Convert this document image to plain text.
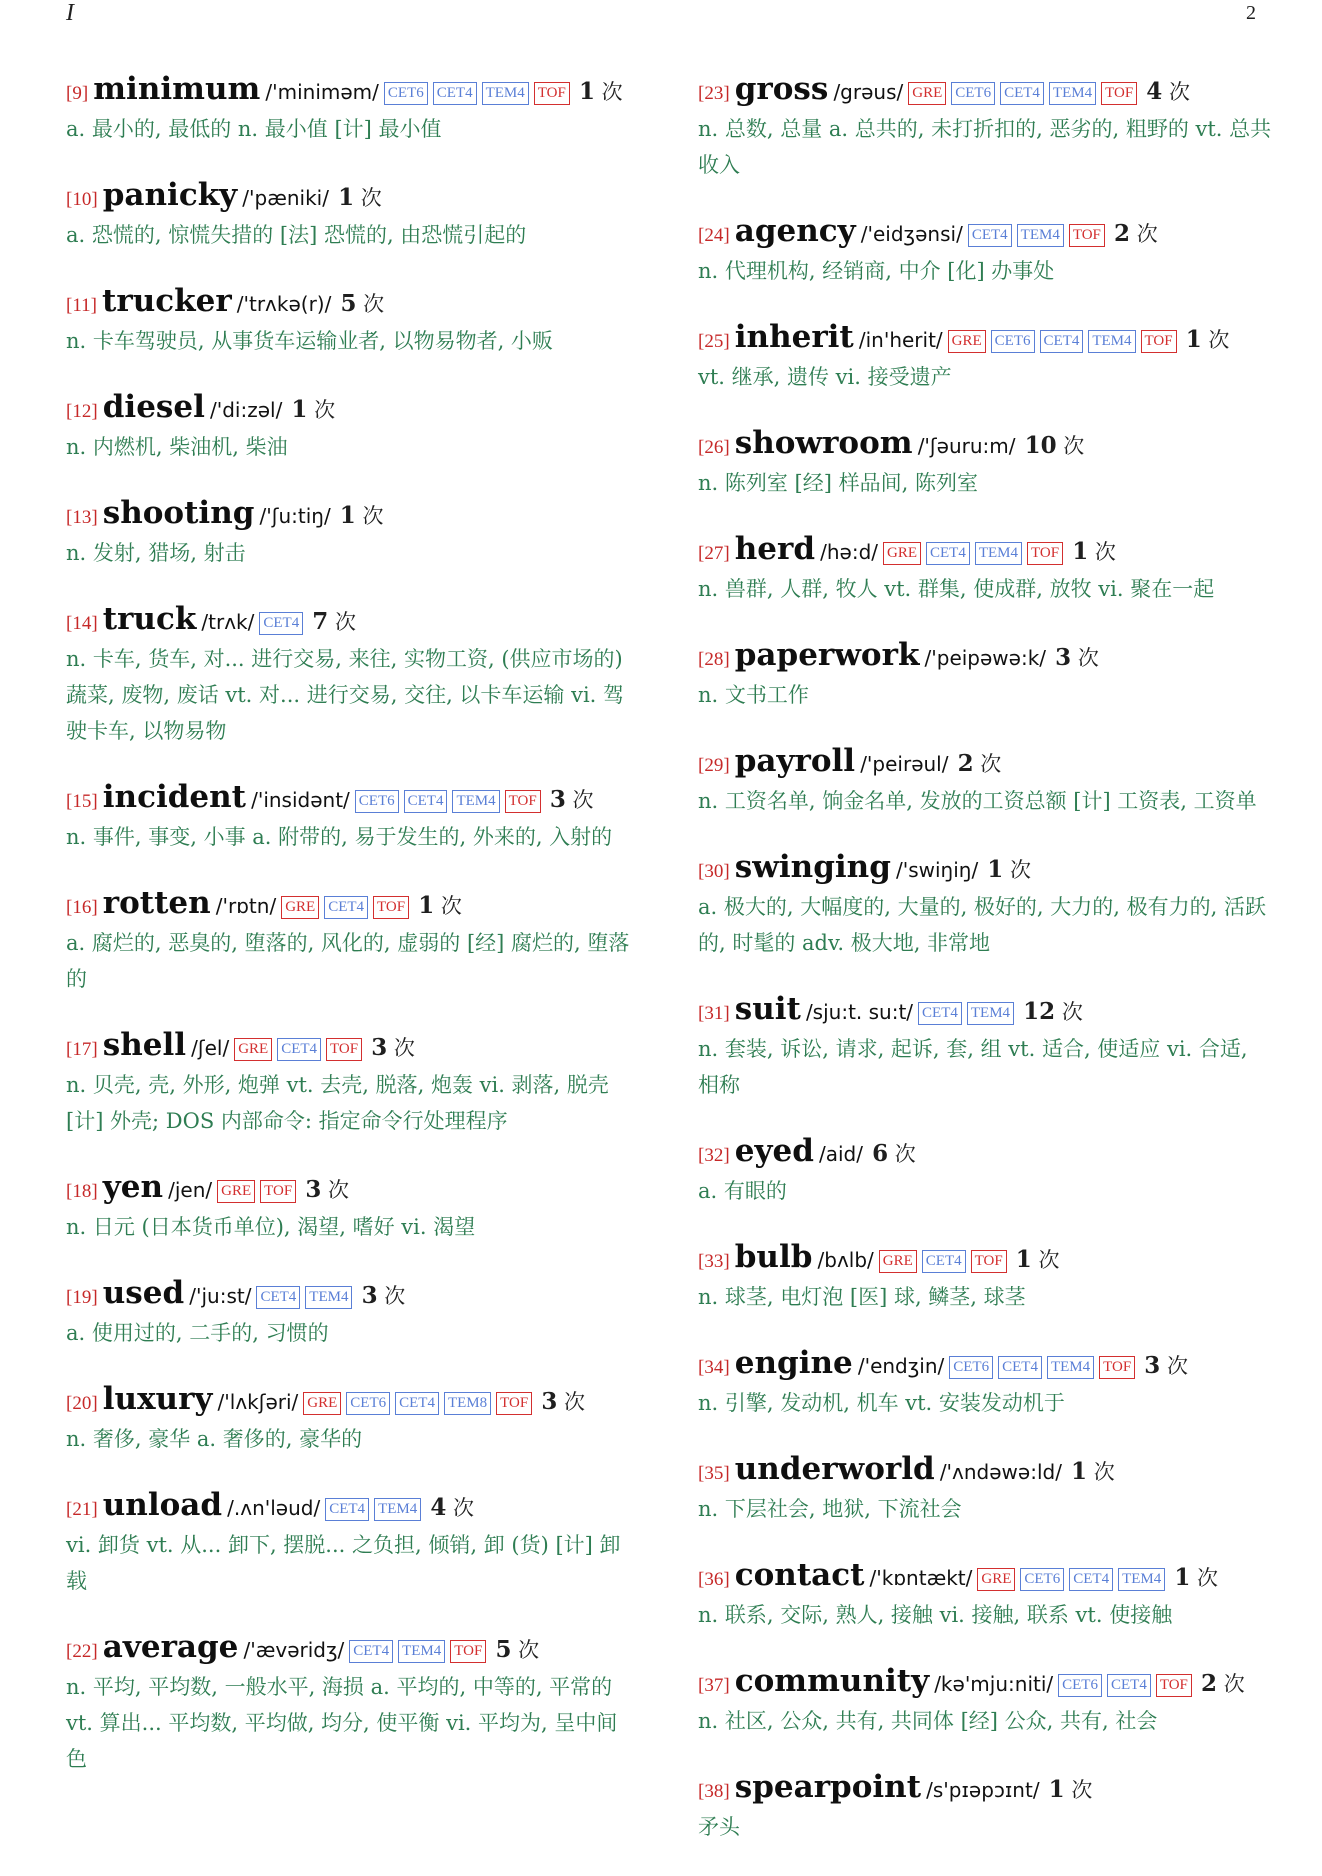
I	2
[9] minimum /'minimәm/ CET6 CET4 TEM4 TOF 1 次
a. 最小的, 最低的 n. 最小值 [计] 最小值
[10] panicky /'pæniki/ 1 次
a. 恐慌的, 惊慌失措的 [法] 恐慌的, 由恐慌引起的
[11] trucker /'trʌkә(r)/ 5 次
n. 卡车驾驶员, 从事货车运输业者, 以物易物者, 小贩
[12] diesel /'di:zәl/ 1 次
n. 内燃机, 柴油机, 柴油
[13] shooting /'ʃu:tiŋ/ 1 次
n. 发射, 猎场, 射击
[14] truck /trʌk/ CET4 7 次
n. 卡车, 货车, 对... 进行交易, 来往, 实物工资, (供应市场的) 蔬菜, 废物, 废话 vt. 对... 进行交易, 交往, 以卡车运输 vi. 驾驶卡车, 以物易物
[15] incident /'insidәnt/ CET6 CET4 TEM4 TOF 3 次
n. 事件, 事变, 小事 a. 附带的, 易于发生的, 外来的, 入射的
[16] rotten /'rɒtn/ GRE CET4 TOF 1 次
a. 腐烂的, 恶臭的, 堕落的, 风化的, 虚弱的 [经] 腐烂的, 堕落的
[17] shell /ʃel/ GRE CET4 TOF 3 次
n. 贝壳, 壳, 外形, 炮弹 vt. 去壳, 脱落, 炮轰 vi. 剥落, 脱壳 [计] 外壳; DOS 内部命令: 指定命令行处理程序
[18] yen /jen/ GRE TOF 3 次
n. 日元 (日本货币单位), 渴望, 嗜好 vi. 渴望
[19] used /'ju:st/ CET4 TEM4 3 次
a. 使用过的, 二手的, 习惯的
[20] luxury /'lʌkʃәri/ GRE CET6 CET4 TEM8 TOF 3 次
n. 奢侈, 豪华 a. 奢侈的, 豪华的
[21] unload /.ʌn'lәud/ CET4 TEM4 4 次
vi. 卸货 vt. 从... 卸下, 摆脱... 之负担, 倾销, 卸 (货) [计] 卸载
[22] average /'ævәridʒ/ CET4 TEM4 TOF 5 次
n. 平均, 平均数, 一般水平, 海损 a. 平均的, 中等的, 平常的 vt. 算出... 平均数, 平均做, 均分, 使平衡 vi. 平均为, 呈中间色
[23] gross /grәus/ GRE CET6 CET4 TEM4 TOF 4 次
n. 总数, 总量 a. 总共的, 未打折扣的, 恶劣的, 粗野的 vt. 总共收入
[24] agency /'eidʒәnsi/ CET4 TEM4 TOF 2 次
n. 代理机构, 经销商, 中介 [化] 办事处
[25] inherit /in'herit/ GRE CET6 CET4 TEM4 TOF 1 次
vt. 继承, 遗传 vi. 接受遗产
[26] showroom /'ʃәuru:m/ 10 次
n. 陈列室 [经] 样品间, 陈列室
[27] herd /hә:d/ GRE CET4 TEM4 TOF 1 次
n. 兽群, 人群, 牧人 vt. 群集, 使成群, 放牧 vi. 聚在一起
[28] paperwork /'peipәwә:k/ 3 次
n. 文书工作
[29] payroll /'peirәul/ 2 次
n. 工资名单, 饷金名单, 发放的工资总额 [计] 工资表, 工资单
[30] swinging /'swiŋiŋ/ 1 次
a. 极大的, 大幅度的, 大量的, 极好的, 大力的, 极有力的, 活跃的, 时髦的 adv. 极大地, 非常地
[31] suit /sju:t. su:t/ CET4 TEM4 12 次
n. 套装, 诉讼, 请求, 起诉, 套, 组 vt. 适合, 使适应 vi. 合适, 相称
[32] eyed /aid/ 6 次
a. 有眼的
[33] bulb /bʌlb/ GRE CET4 TOF 1 次
n. 球茎, 电灯泡 [医] 球, 鳞茎, 球茎
[34] engine /'endʒin/ CET6 CET4 TEM4 TOF 3 次
n. 引擎, 发动机, 机车 vt. 安装发动机于
[35] underworld /'ʌndәwә:ld/ 1 次
n. 下层社会, 地狱, 下流社会
[36] contact /'kɒntækt/ GRE CET6 CET4 TEM4 1 次
n. 联系, 交际, 熟人, 接触 vi. 接触, 联系 vt. 使接触
[37] community /kә'mju:niti/ CET6 CET4 TOF 2 次
n. 社区, 公众, 共有, 共同体 [经] 公众, 共有, 社会
[38] spearpoint /s'pɪәpɔɪnt/ 1 次
矛头
